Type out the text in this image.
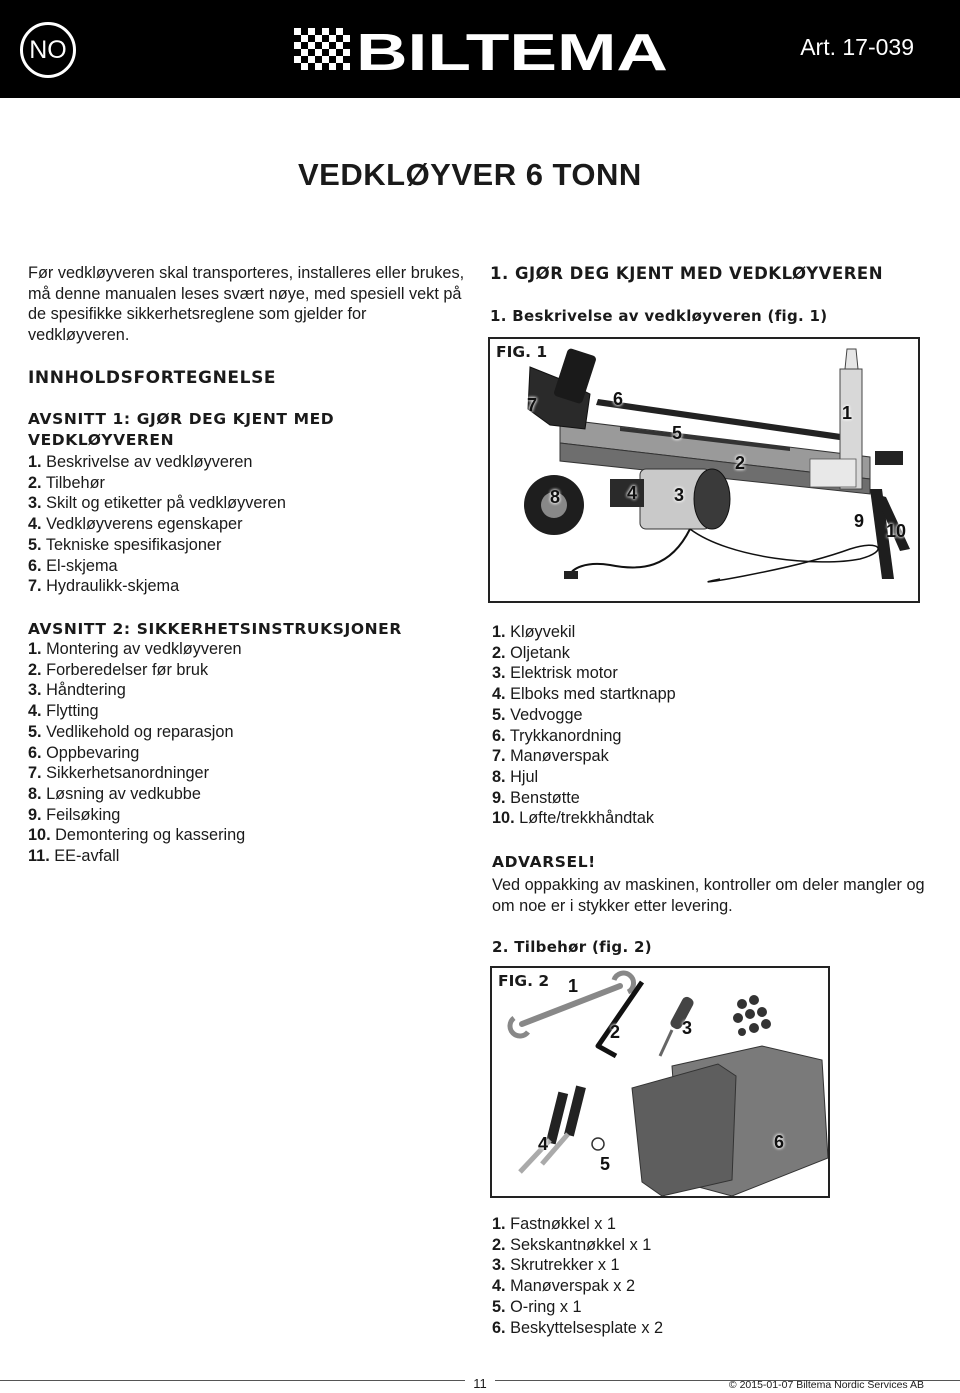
NO	BILTEMA	Art. 17-039
VEDKLØYVER 6 TONN

Før vedkløyveren skal transporteres, installeres eller brukes, må denne manualen leses svært nøye, med spesiell vekt på de spesifikke sikkerhetsreglene som gjelder for vedkløyveren.

INNHOLDSFORTEGNELSE
AVSNITT 1: GJØR DEG KJENT MED VEDKLØYVEREN
1. Beskrivelse av vedkløyveren
2. Tilbehør
3. Skilt og etiketter på vedkløyveren
4. Vedkløyverens egenskaper
5. Tekniske spesifikasjoner
6. El-skjema
7. Hydraulikk-skjema
AVSNITT 2: SIKKERHETSINSTRUKSJONER
1. Montering av vedkløyveren
2. Forberedelser før bruk
3. Håndtering
4. Flytting
5. Vedlikehold og reparasjon
6. Oppbevaring
7. Sikkerhetsanordninger
8. Løsning av vedkubbe
9. Feilsøking
10. Demontering og kassering
11. EE-avfall
1. GJØR DEG KJENT MED VEDKLØYVEREN
1. Beskrivelse av vedkløyveren (fig. 1)
FIG. 1
1
2
3
4
5
6
7
8
9 10
1. Kløyvekil
2. Oljetank
3. Elektrisk motor
4. Elboks med startknapp
5. Vedvogge
6. Trykkanordning
7. Manøverspak
8. Hjul
9. Benstøtte
10. Løfte/trekkhåndtak
ADVARSEL!

Ved oppakking av maskinen, kontroller om deler mangler og om noe er i stykker etter levering.

2. Tilbehør (fig. 2)
FIG. 2 1
2	3
4
5
6
1. Fastnøkkel x 1
2. Sekskantnøkkel x 1
3. Skrutrekker x 1
4. Manøverspak x 2
5. O-ring x 1
6. Beskyttelsesplate x 2
11	© 2015-01-07 Biltema Nordic Services AB
